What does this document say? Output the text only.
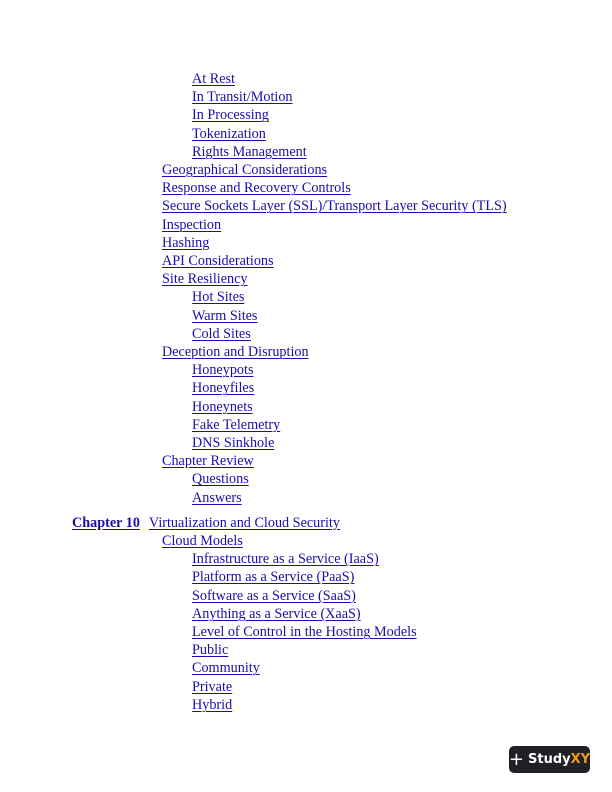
At Rest
In Transit/Motion
In Processing
Tokenization
Rights Management
Geographical Considerations
Response and Recovery Controls
Secure Sockets Layer (SSL)/Transport Layer Security (TLS)
Inspection
Hashing
API Considerations
Site Resiliency
Hot Sites
Warm Sites
Cold Sites
Deception and Disruption
Honeypots
Honeyfiles
Honeynets
Fake Telemetry
DNS Sinkhole
Chapter Review
Questions
Answers
Chapter 10 Virtualization and Cloud Security
Cloud Models
Infrastructure as a Service (IaaS)
Platform as a Service (PaaS)
Software as a Service (SaaS)
Anything as a Service (XaaS)
Level of Control in the Hosting Models
Public
Community
Private
Hybrid
+ Study XY
